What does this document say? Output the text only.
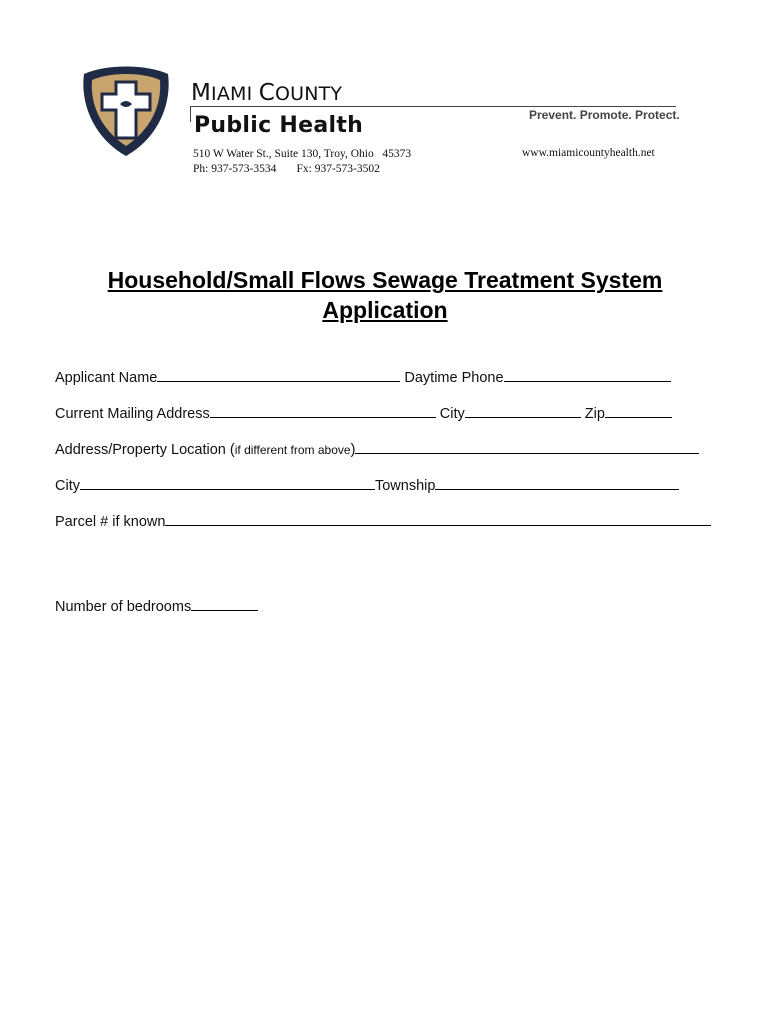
MIAMI COUNTY
Public Health	Prevent. Promote. Protect.
510 W Water St., Suite 130, Troy, Ohio   45373
Ph: 937-573-3534       Fx: 937-573-3502
www.miamicountyhealth.net
Household/Small Flows Sewage Treatment System
Application
Applicant Name	Daytime Phone
Current Mailing Address	City	Zip
Address/Property Location (if different from above)
City	Township
Parcel # if known
Number of bedrooms
